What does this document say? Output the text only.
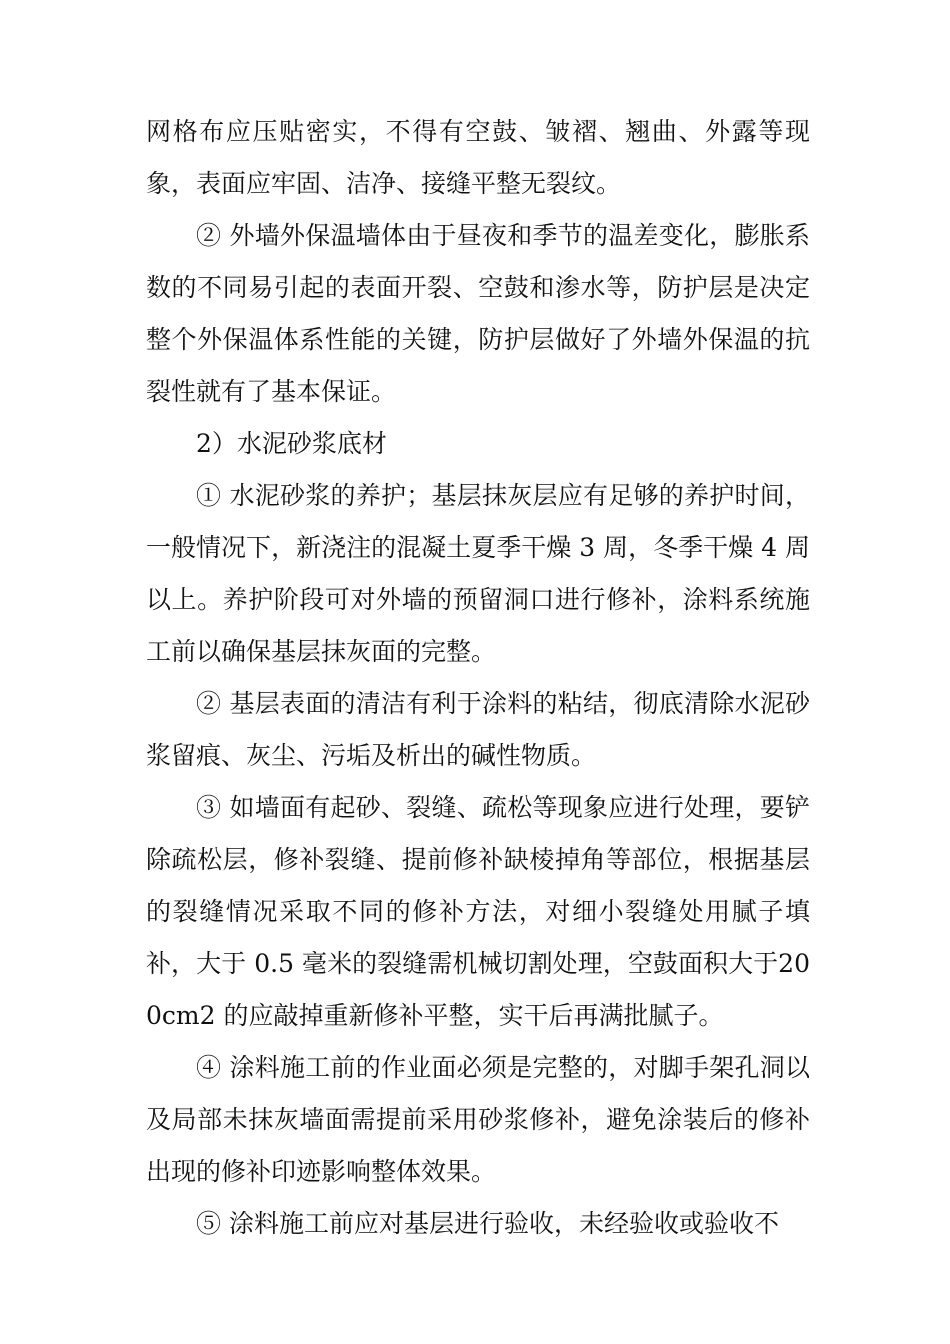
网格布应压贴密实，不得有空鼓、皱褶、翘曲、外露等现象，表面应牢固、洁净、接缝平整无裂纹。

② 外墙外保温墙体由于昼夜和季节的温差变化，膨胀系数的不同易引起的表面开裂、空鼓和渗水等，防护层是决定整个外保温体系性能的关键，防护层做好了外墙外保温的抗裂性就有了基本保证。

2）水泥砂浆底材

① 水泥砂浆的养护；基层抹灰层应有足够的养护时间，一般情况下，新浇注的混凝土夏季干燥 3 周，冬季干燥 4 周以上。养护阶段可对外墙的预留洞口进行修补，涂料系统施工前以确保基层抹灰面的完整。

② 基层表面的清洁有利于涂料的粘结，彻底清除水泥砂浆留痕、灰尘、污垢及析出的碱性物质。

③ 如墙面有起砂、裂缝、疏松等现象应进行处理，要铲除疏松层，修补裂缝、提前修补缺棱掉角等部位，根据基层的裂缝情况采取不同的修补方法，对细小裂缝处用腻子填补，大于 0.5 毫米的裂缝需机械切割处理，空鼓面积大于200cm2 的应敲掉重新修补平整，实干后再满批腻子。

④ 涂料施工前的作业面必须是完整的，对脚手架孔洞以及局部未抹灰墙面需提前采用砂浆修补，避免涂装后的修补出现的修补印迹影响整体效果。

⑤ 涂料施工前应对基层进行验收，未经验收或验收不
